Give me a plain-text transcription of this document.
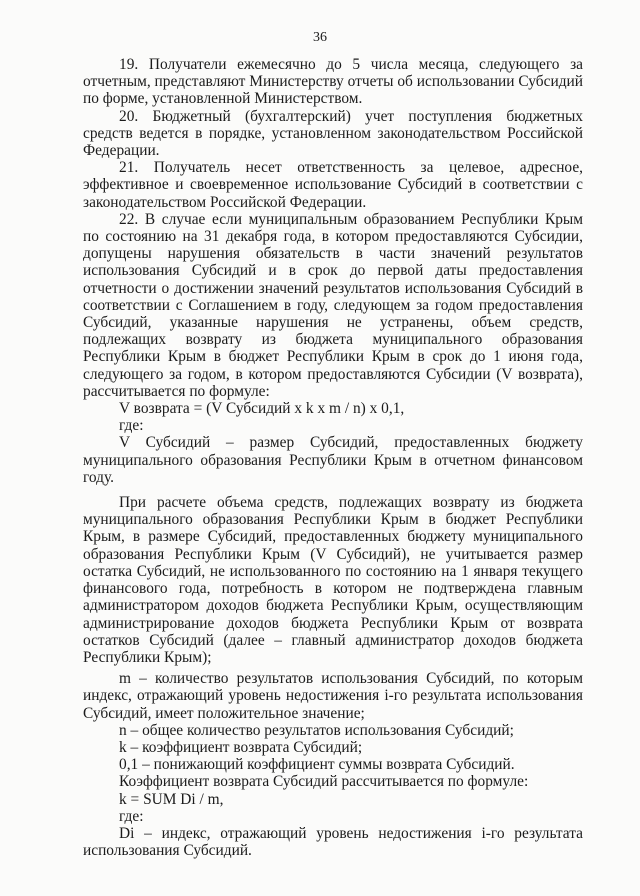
36

19. Получатели ежемесячно до 5 числа месяца, следующего за отчетным, представляют Министерству отчеты об использовании Субсидий по форме, установленной Министерством.

20. Бюджетный (бухгалтерский) учет поступления бюджетных средств ведется в порядке, установленном законодательством Российской Федерации.

21. Получатель несет ответственность за целевое, адресное, эффективное и своевременное использование Субсидий в соответствии с законодательством Российской Федерации.

22. В случае если муниципальным образованием Республики Крым по состоянию на 31 декабря года, в котором предоставляются Субсидии, допущены нарушения обязательств в части значений результатов использования Субсидий и в срок до первой даты предоставления отчетности о достижении значений результатов использования Субсидий в соответствии с Соглашением в году, следующем за годом предоставления Субсидий, указанные нарушения не устранены, объем средств, подлежащих возврату из бюджета муниципального образования Республики Крым в бюджет Республики Крым в срок до 1 июня года, следующего за годом, в котором предоставляются Субсидии (V возврата), рассчитывается по формуле:

V возврата = (V Субсидий x k x m / n) x 0,1,

где:

V Субсидий – размер Субсидий, предоставленных бюджету муниципального образования Республики Крым в отчетном финансовом году.

При расчете объема средств, подлежащих возврату из бюджета муниципального образования Республики Крым в бюджет Республики Крым, в размере Субсидий, предоставленных бюджету муниципального образования Республики Крым (V Субсидий), не учитывается размер остатка Субсидий, не использованного по состоянию на 1 января текущего финансового года, потребность в котором не подтверждена главным администратором доходов бюджета Республики Крым, осуществляющим администрирование доходов бюджета Республики Крым от возврата остатков Субсидий (далее – главный администратор доходов бюджета Республики Крым);

m – количество результатов использования Субсидий, по которым индекс, отражающий уровень недостижения i-го результата использования Субсидий, имеет положительное значение;

n – общее количество результатов использования Субсидий;

k – коэффициент возврата Субсидий;

0,1 – понижающий коэффициент суммы возврата Субсидий.

Коэффициент возврата Субсидий рассчитывается по формуле:

k = SUM Di / m,

где:

Di – индекс, отражающий уровень недостижения i-го результата использования Субсидий.
